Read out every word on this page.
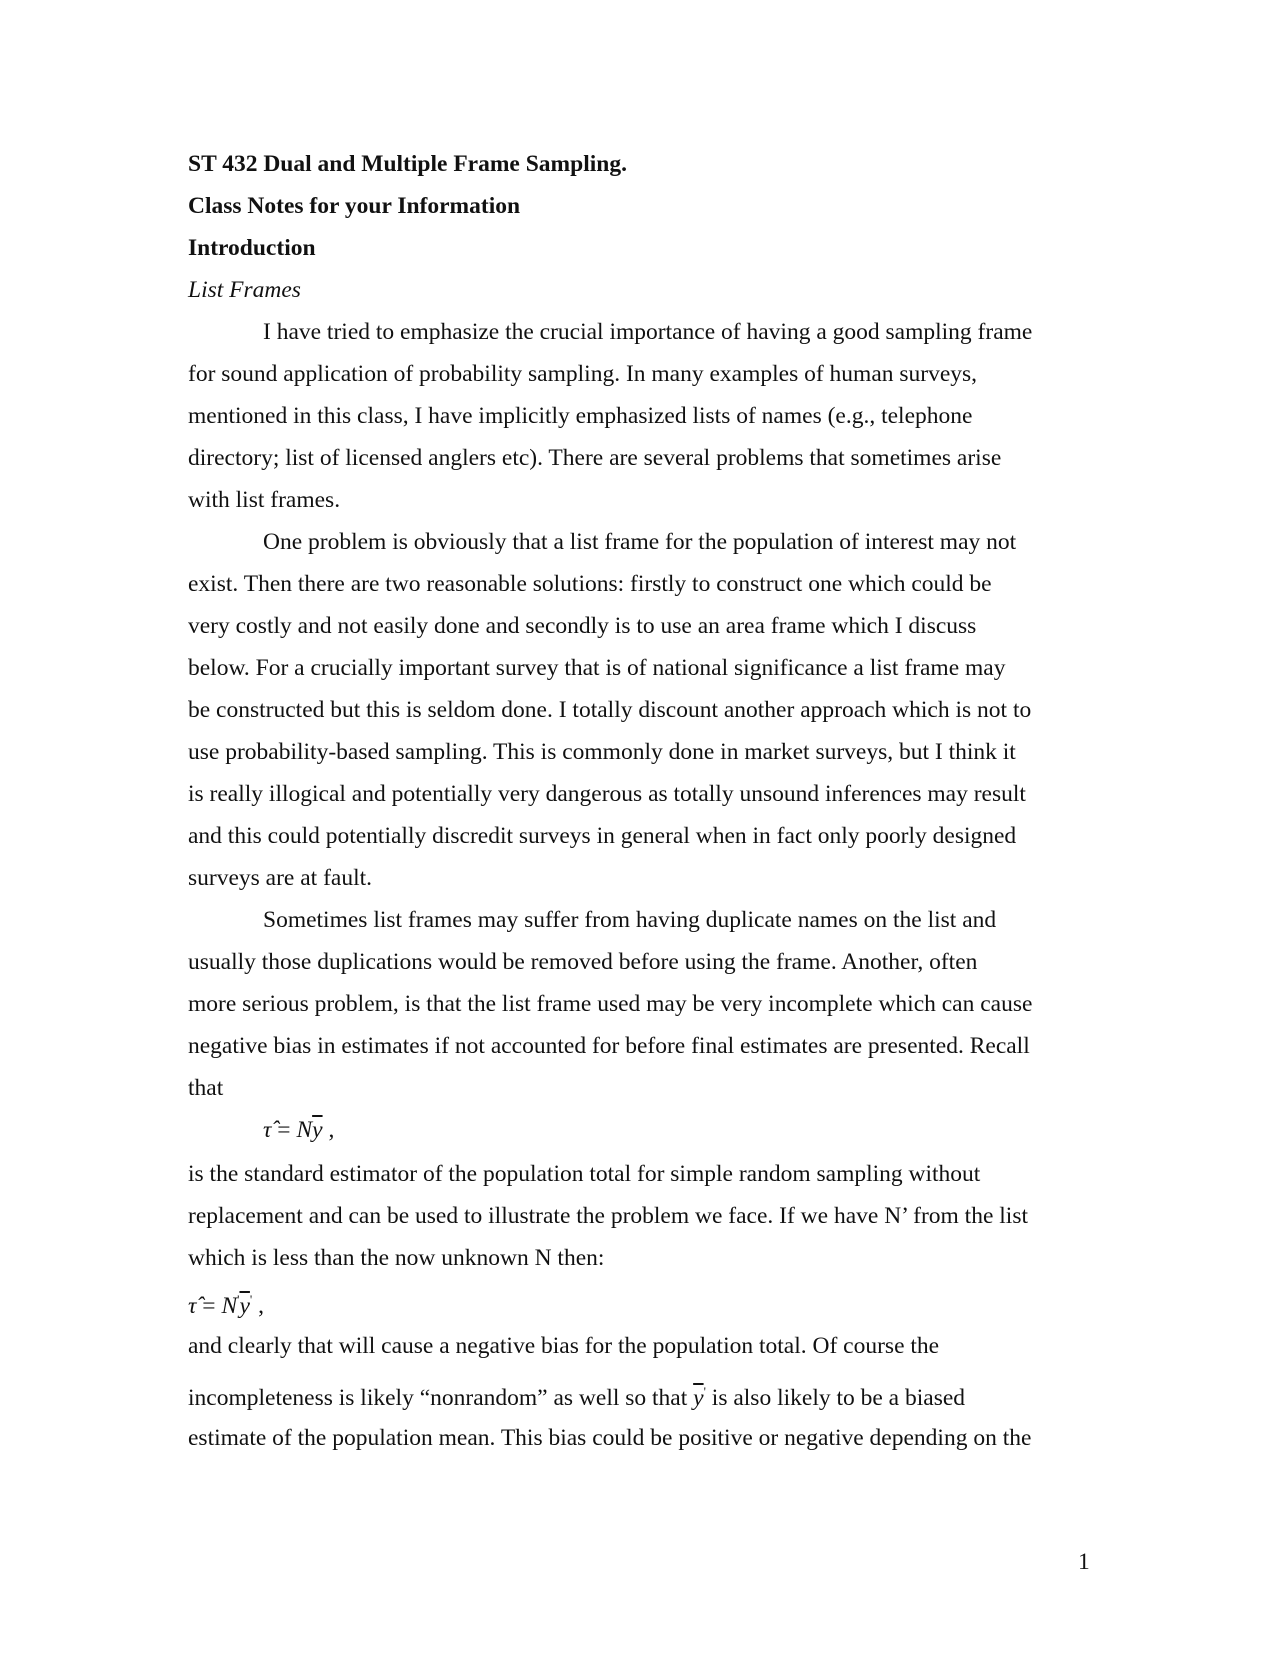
ST 432 Dual and Multiple Frame Sampling.
Class Notes for your Information
Introduction
List Frames
I have tried to emphasize the crucial importance of having a good sampling frame
for sound application of probability sampling. In many examples of human surveys,
mentioned in this class, I have implicitly emphasized lists of names (e.g., telephone
directory; list of licensed anglers etc). There are several problems that sometimes arise
with list frames.
One problem is obviously that a list frame for the population of interest may not
exist. Then there are two reasonable solutions: firstly to construct one which could be
very costly and not easily done and secondly is to use an area frame which I discuss
below. For a crucially important survey that is of national significance a list frame may
be constructed but this is seldom done. I totally discount another approach which is not to
use probability-based sampling. This is commonly done in market surveys, but I think it
is really illogical and potentially very dangerous as totally unsound inferences may result
and this could potentially discredit surveys in general when in fact only poorly designed
surveys are at fault.
Sometimes list frames may suffer from having duplicate names on the list and
usually those duplications would be removed before using the frame. Another, often
more serious problem, is that the list frame used may be very incomplete which can cause
negative bias in estimates if not accounted for before final estimates are presented. Recall
that
τ̂ = $N\overline{y}$ ,
is the standard estimator of the population total for simple random sampling without
replacement and can be used to illustrate the problem we face. If we have N’ from the list
which is less than the now unknown N then:
τ̂ = $N'\overline{y}'$ ,
and clearly that will cause a negative bias for the population total. Of course the
incompleteness is likely “nonrandom” as well so that $\overline{y}'$ is also likely to be a biased
estimate of the population mean. This bias could be positive or negative depending on the
1
